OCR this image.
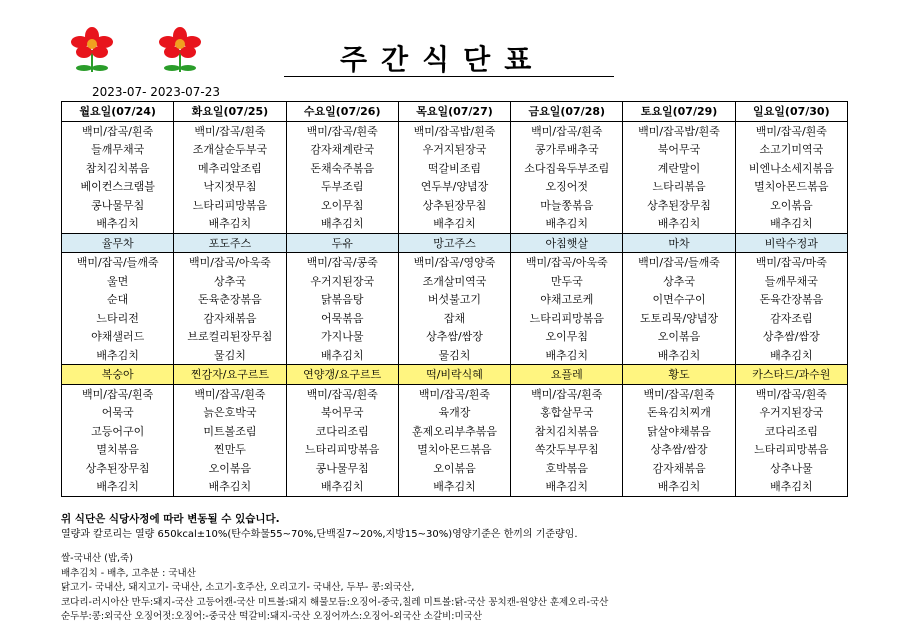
주간식단표
2023-07- 2023-07-23
월요일(07/24)	화요일(07/25)	수요일(07/26)	목요일(07/27)	금요일(07/28)	토요일(07/29)	일요일(07/30)
백미/잡곡/흰죽	백미/잡곡/흰죽	백미/잡곡/흰죽	백미/잡곡밥/흰죽	백미/잡곡/흰죽	백미/잡곡밥/흰죽	백미/잡곡/흰죽
들깨무채국	조개살순두부국	감자채계란국	우거지된장국	콩가루배추국	북어무국	소고기미역국
참치김치볶음	메추리알조림	돈채숙주볶음	떡갈비조림	소다집육두부조림	계란말이	비엔나소세지볶음
베이컨스크램블	낙지젓무침	두부조림	연두부/양념장	오징어젓	느타리볶음	멸치아몬드볶음
콩나물무침	느타리피망볶음	오이무침	상추된장무침	마늘쫑볶음	상추된장무침	오이볶음
배추김치	배추김치	배추김치	배추김치	배추김치	배추김치	배추김치
율무차	포도주스	두유	망고주스	아침햇살	마차	비락수정과
백미/잡곡/들깨죽	백미/잡곡/아욱죽	백미/잡곡/콩죽	백미/잡곡/영양죽	백미/잡곡/아욱죽	백미/잡곡/들깨죽	백미/잡곡/마죽
울면	상추국	우거지된장국	조개살미역국	만두국	상추국	들깨무채국
순대	돈육춘장볶음	닭볶음탕	버섯불고기	야채고로케	이면수구이	돈육간장볶음
느타리전	감자채볶음	어묵볶음	잡채	느타리피망볶음	도토리묵/양념장	감자조림
야채샐러드	브로컬리된장무침	가지나물	상추쌈/쌈장	오이무침	오이볶음	상추쌈/쌈장
배추김치	물김치	배추김치	물김치	배추김치	배추김치	배추김치
복숭아	찐감자/요구르트	연양갱/요구르트	떡/비락식혜	요플레	황도	카스타드/과수원
백미/잡곡/흰죽	백미/잡곡/흰죽	백미/잡곡/흰죽	백미/잡곡/흰죽	백미/잡곡/흰죽	백미/잡곡/흰죽	백미/잡곡/흰죽
어묵국	늙은호박국	북어무국	육개장	홍합살무국	돈육김치찌개	우거지된장국
고등어구이	미트볼조림	코다리조림	훈제오리부추볶음	참치김치볶음	닭살야채볶음	코다리조림
멸치볶음	찐만두	느타리피망볶음	멸치아몬드볶음	쏙갓두부무침	상추쌈/쌈장	느타리피망볶음
상추된장무침	오이볶음	콩나물무침	오이볶음	호박볶음	감자채볶음	상추나물
배추김치	배추김치	배추김치	배추김치	배추김치	배추김치	배추김치
위 식단은 식당사정에 따라 변동될 수 있습니다.
열량과 칼로리는 열량 650kcal±10%(탄수화물55~70%,단백질7~20%,지방15~30%)영양기준은 한끼의 기준량임.
쌀-국내산 (밥,죽)
배추김치 - 배추, 고추분 : 국내산
닭고기- 국내산, 돼지고기- 국내산, 소고기-호주산, 오리고기- 국내산, 두부- 콩:외국산,
코다리-러시아산 만두:돼지-국산 고등어캔-국산 미트볼:돼지 해물모듬:오징어-중국,칠레 미트볼:닭-국산 꽁치캔-원양산 훈제오리-국산
순두부:콩:외국산 오징어젓:오징어:-중국산 떡갈비:돼지-국산 오징어까스:오징어-외국산 소갈비:미국산
